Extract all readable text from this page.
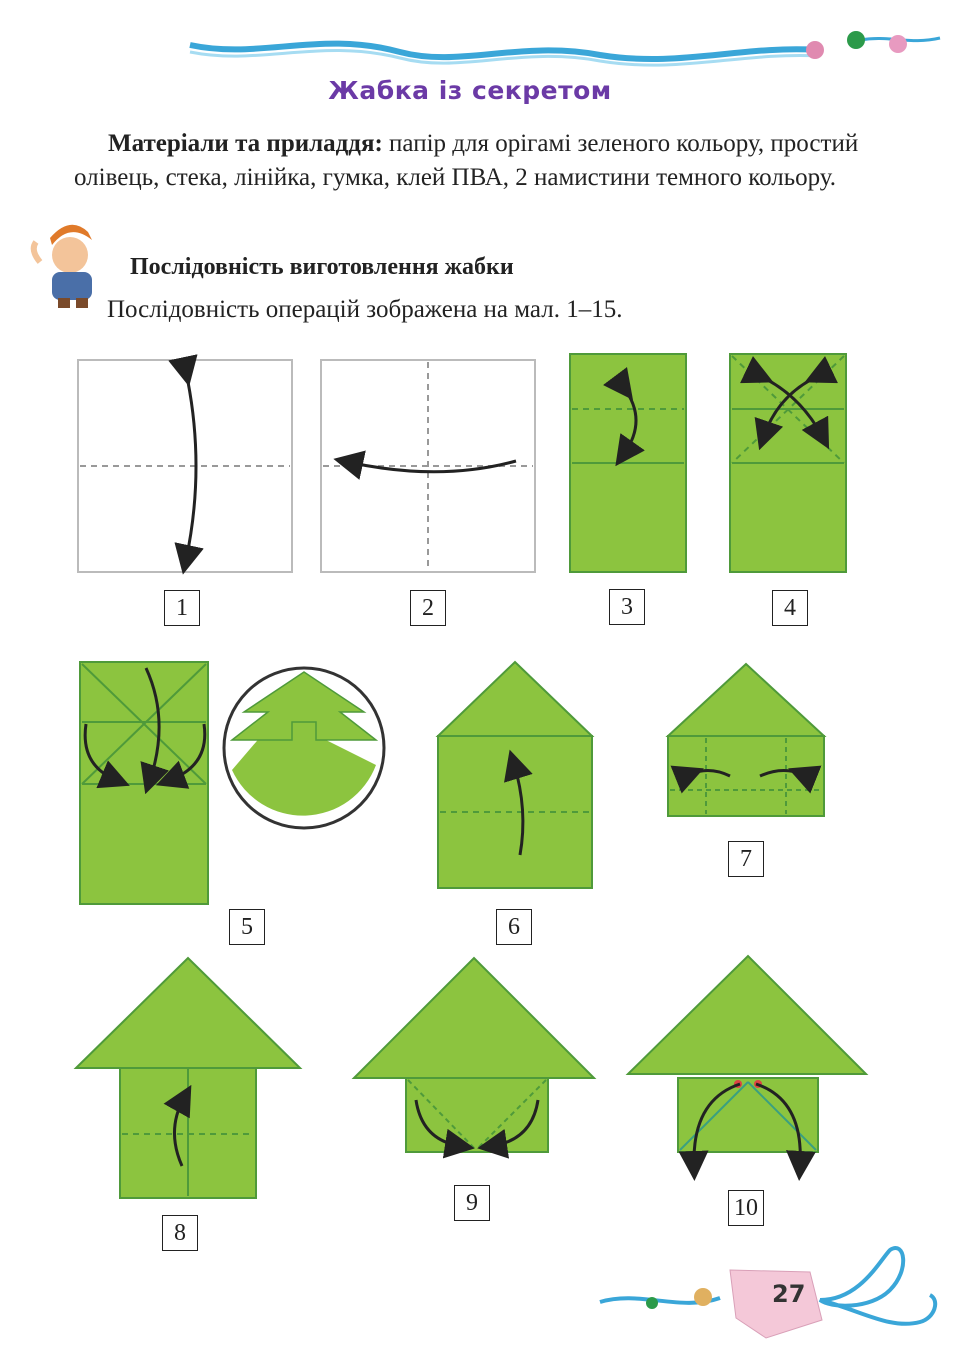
Жабка із секретом
Матеріали та приладдя: папір для орігамі зеленого кольору, простий олівець, стека, лінійка, гумка, клей ПВА, 2 намистини темного кольору.
Послідовність виготовлення жабки
Послідовність операцій зображена на мал. 1–15.
1	2	3	4
5	6
7
8
9	10
27
